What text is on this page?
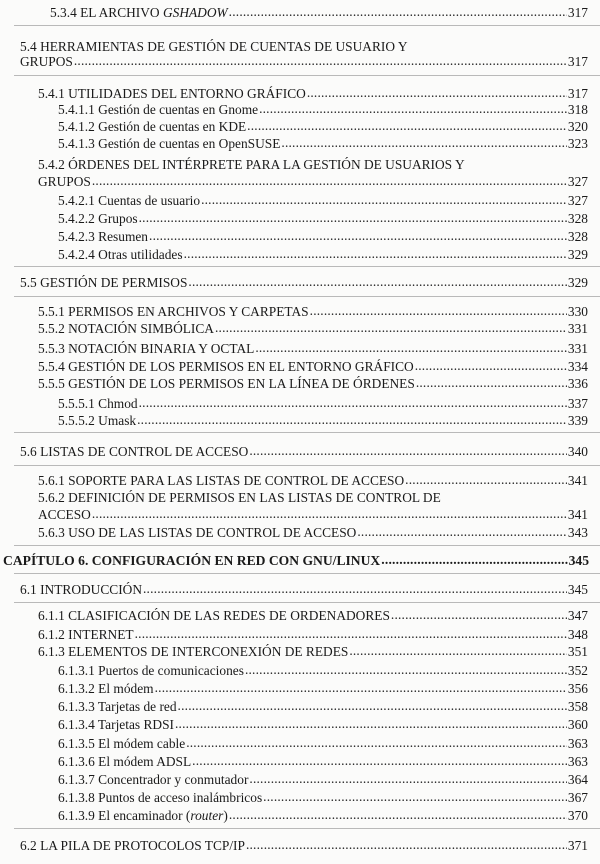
5.3.4 EL ARCHIVO GSHADOW .....	317
5.4 HERRAMIENTAS DE GESTIÓN DE CUENTAS DE USUARIO Y
GRUPOS .....	317
5.4.1 UTILIDADES DEL ENTORNO GRÁFICO .....	317
5.4.1.1 Gestión de cuentas en Gnome .....	318
5.4.1.2 Gestión de cuentas en KDE .....	320
5.4.1.3 Gestión de cuentas en OpenSUSE .....	323
5.4.2 ÓRDENES DEL INTÉRPRETE PARA LA GESTIÓN DE USUARIOS Y
GRUPOS .....	327
5.4.2.1 Cuentas de usuario .....	327
5.4.2.2 Grupos .....	328
5.4.2.3 Resumen .....	328
5.4.2.4 Otras utilidades .....	329
5.5 GESTIÓN DE PERMISOS .....	329
5.5.1 PERMISOS EN ARCHIVOS Y CARPETAS .....	330
5.5.2 NOTACIÓN SIMBÓLICA .....	331
5.5.3 NOTACIÓN BINARIA Y OCTAL .....	331
5.5.4 GESTIÓN DE LOS PERMISOS EN EL ENTORNO GRÁFICO .....	334
5.5.5 GESTIÓN DE LOS PERMISOS EN LA LÍNEA DE ÓRDENES .....	336
5.5.5.1 Chmod .....	337
5.5.5.2 Umask .....	339
5.6 LISTAS DE CONTROL DE ACCESO .....	340
5.6.1 SOPORTE PARA LAS LISTAS DE CONTROL DE ACCESO .....	341
5.6.2 DEFINICIÓN DE PERMISOS EN LAS LISTAS DE CONTROL DE
ACCESO .....	341
5.6.3 USO DE LAS LISTAS DE CONTROL DE ACCESO .....	343
CAPÍTULO 6. CONFIGURACIÓN EN RED CON GNU/LINUX .....	345
6.1 INTRODUCCIÓN .....	345
6.1.1 CLASIFICACIÓN DE LAS REDES DE ORDENADORES .....	347
6.1.2 INTERNET .....	348
6.1.3 ELEMENTOS DE INTERCONEXIÓN DE REDES .....	351
6.1.3.1 Puertos de comunicaciones .....	352
6.1.3.2 El módem .....	356
6.1.3.3 Tarjetas de red .....	358
6.1.3.4 Tarjetas RDSI .....	360
6.1.3.5 El módem cable .....	363
6.1.3.6 El módem ADSL .....	363
6.1.3.7 Concentrador y conmutador .....	364
6.1.3.8 Puntos de acceso inalámbricos .....	367
6.1.3.9 El encaminador (router) .....	370
6.2 LA PILA DE PROTOCOLOS TCP/IP .....	371
